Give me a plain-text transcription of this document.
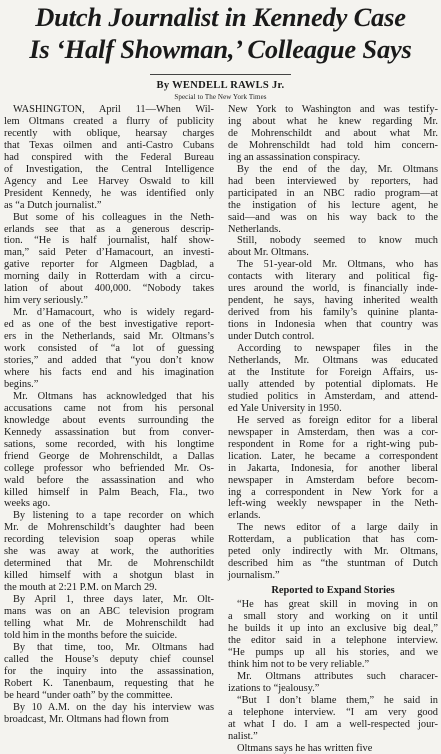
Dutch Journalist in Kennedy Case
Is ‘Half Showman,’ Colleague Says
By WENDELL RAWLS Jr.
Special to The New York Times
WASHINGTON, April 11—When Wil-
lem Oltmans created a flurry of publicity
recently with oblique, hearsay charges
that Texas oilmen and anti-Castro Cubans
had conspired with the Federal Bureau
of Investigation, the Central Intelligence
Agency and Lee Harvey Oswald to kill
President Kennedy, he was identified only
as “a Dutch journalist.”
But some of his colleagues in the Neth-
erlands see that as a generous descrip-
tion. “He is half journalist, half show-
man,” said Peter d’Hamacourt, an investi-
gative reporter for Algmeen Dagblad, a
morning daily in Rotterdam with a circu-
lation of about 400,000. “Nobody takes
him very seriously.”
Mr. d’Hamacourt, who is widely regard-
ed as one of the best investigative report-
ers in the Netherlands, said Mr. Oltmans’s
work consisted of “a lot of guessing
stories,” and added that “you don’t know
where his facts end and his imagination
begins.”
Mr. Oltmans has acknowledged that his
accusations came not from his personal
knowledge about events surrounding the
Kennedy assassination but from conver-
sations, some recorded, with his longtime
friend George de Mohrenschildt, a Dallas
college professor who befriended Mr. Os-
wald before the assassination and who
killed himself in Palm Beach, Fla., two
weeks ago.
By listening to a tape recorder on which
Mr. de Mohrenschildt’s daughter had been
recording television soap operas while
she was away at work, the authorities
determined that Mr. de Mohrenschildt
killed himself with a shotgun blast in
the mouth at 2:21 P.M. on March 29.
By April 1, three days later, Mr. Olt-
mans was on an ABC television program
telling what Mr. de Mohrenschildt had
told him in the months before the suicide.
By that time, too, Mr. Oltmans had
called the House’s deputy chief counsel
for the inquiry into the assassination,
Robert K. Tanenbaum, requesting that he
be heard “under oath” by the committee.
By 10 A.M. on the day his interview was
broadcast, Mr. Oltmans had flown from
New York to Washington and was testify-
ing about what he knew regarding Mr.
de Mohrenschildt and about what Mr.
de Mohrenschildt had told him concern-
ing an assassination conspiracy.
By the end of the day, Mr. Oltmans
had been interviewed by reporters, had
participated in an NBC radio program—at
the instigation of his lecture agent, he
said—and was on his way back to the
Netherlands.
Still, nobody seemed to know much
about Mr. Oltmans.
The 51-year-old Mr. Oltmans, who has
contacts with literary and political fig-
ures around the world, is financially inde-
pendent, he says, having inherited wealth
derived from his family’s quinine planta-
tions in Indonesia when that country was
under Dutch control.
According to newspaper files in the
Netherlands, Mr. Oltmans was educated
at the Institute for Foreign Affairs, us-
ually attended by potential diplomats. He
studied politics in Amsterdam, and attend-
ed Yale University in 1950.
He served as foreign editor for a liberal
newspaper in Amsterdam, then was a cor-
respondent in Rome for a right-wing pub-
lication. Later, he became a correspondent
in Jakarta, Indonesia, for another liberal
newspaper in Amsterdam before becom-
ing a correspondent in New York for a
left-wing weekly newspaper in the Neth-
erlands.
The news editor of a large daily in
Rotterdam, a publication that has com-
peted only indirectly with Mr. Oltmans,
described him as “the stuntman of Dutch
journalism.”
Reported to Expand Stories
“He has great skill in moving in on
a small story and working on it until
he builds it up into an exclusive big deal,”
the editor said in a telephone interview.
“He pumps up all his stories, and we
think him not to be very reliable.”
Mr. Oltmans attributes such characer-
izations to “jealousy.”
“But I don’t blame them,” he said in
a telephone interview. “I am very good
at what I do. I am a well-respected jour-
nalist.”
Oltmans says he has written five
